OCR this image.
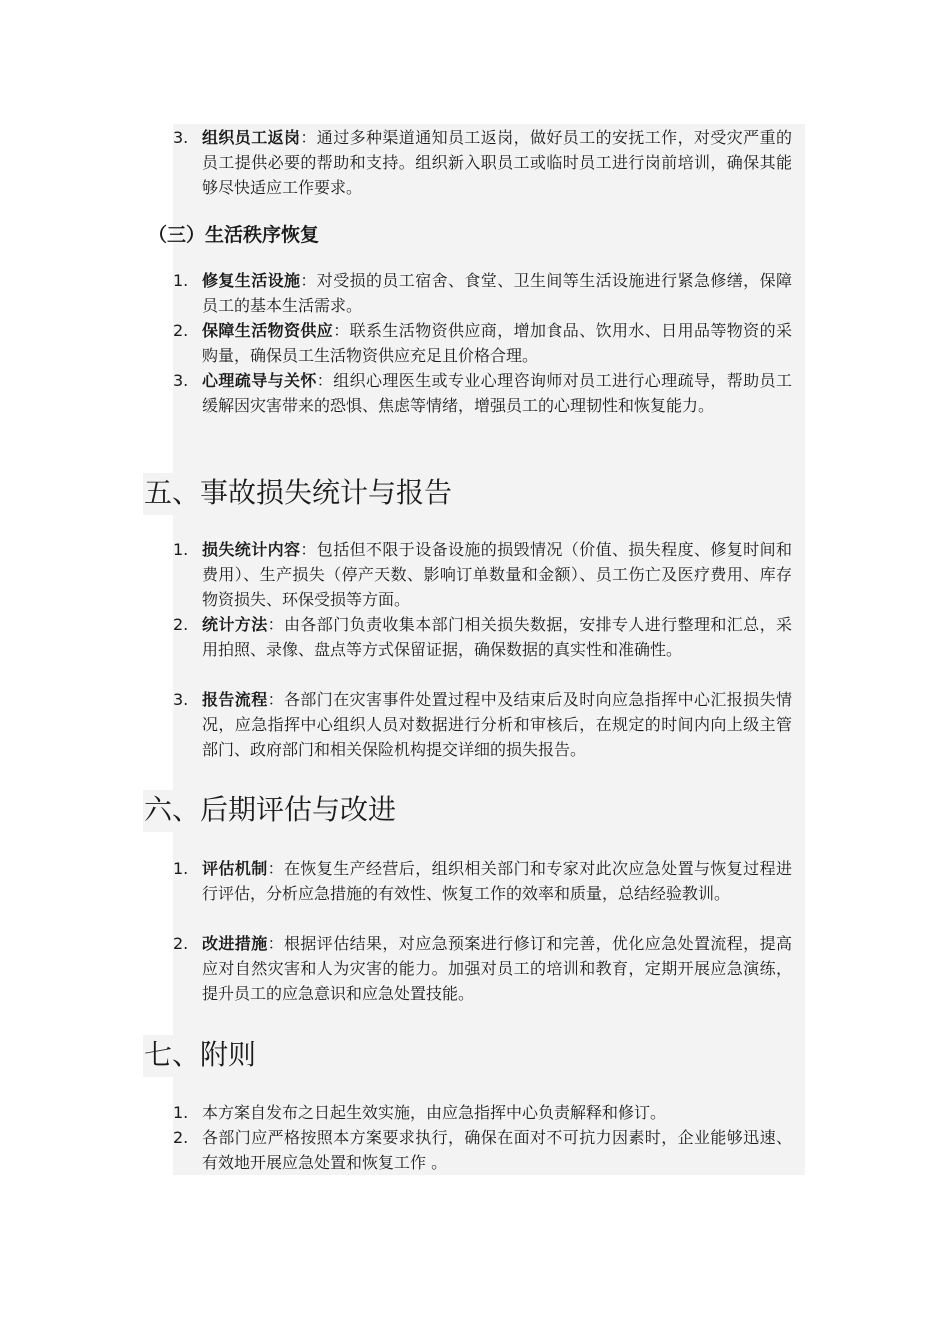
3. 组织员工返岗：通过多种渠道通知员工返岗，做好员工的安抚工作，对受灾严重的员工提供必要的帮助和支持。组织新入职员工或临时员工进行岗前培训，确保其能够尽快适应工作要求。
（三）生活秩序恢复
1. 修复生活设施：对受损的员工宿舍、食堂、卫生间等生活设施进行紧急修缮，保障员工的基本生活需求。
2. 保障生活物资供应：联系生活物资供应商，增加食品、饮用水、日用品等物资的采购量，确保员工生活物资供应充足且价格合理。
3. 心理疏导与关怀：组织心理医生或专业心理咨询师对员工进行心理疏导，帮助员工缓解因灾害带来的恐惧、焦虑等情绪，增强员工的心理韧性和恢复能力。
五、事故损失统计与报告
1. 损失统计内容：包括但不限于设备设施的损毁情况（价值、损失程度、修复时间和费用）、生产损失（停产天数、影响订单数量和金额）、员工伤亡及医疗费用、库存物资损失、环保受损等方面。
2. 统计方法：由各部门负责收集本部门相关损失数据，安排专人进行整理和汇总，采用拍照、录像、盘点等方式保留证据，确保数据的真实性和准确性。
3. 报告流程：各部门在灾害事件处置过程中及结束后及时向应急指挥中心汇报损失情况，应急指挥中心组织人员对数据进行分析和审核后，在规定的时间内向上级主管部门、政府部门和相关保险机构提交详细的损失报告。
六、后期评估与改进
1. 评估机制：在恢复生产经营后，组织相关部门和专家对此次应急处置与恢复过程进行评估，分析应急措施的有效性、恢复工作的效率和质量，总结经验教训。
2. 改进措施：根据评估结果，对应急预案进行修订和完善，优化应急处置流程，提高应对自然灾害和人为灾害的能力。加强对员工的培训和教育，定期开展应急演练，提升员工的应急意识和应急处置技能。
七、附则
1. 本方案自发布之日起生效实施，由应急指挥中心负责解释和修订。
2. 各部门应严格按照本方案要求执行，确保在面对不可抗力因素时，企业能够迅速、有效地开展应急处置和恢复工作 。
